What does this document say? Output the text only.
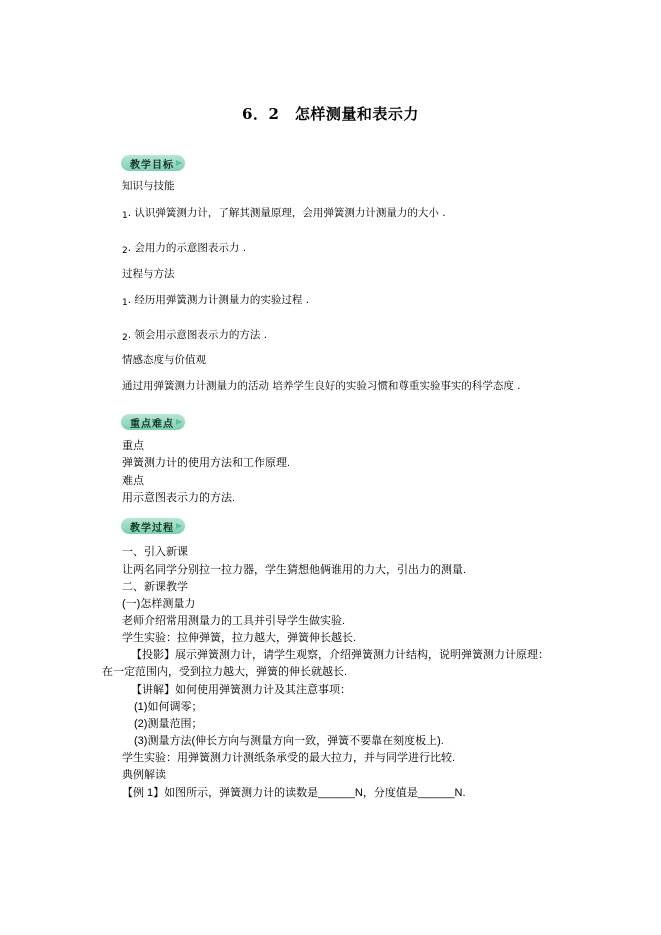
6．2　怎样测量和表示力
教学目标
知识与技能
1. 认识弹簧测力计，了解其测量原理，会用弹簧测力计测量力的大小 .
2. 会用力的示意图表示力 .
过程与方法
1. 经历用弹簧测力计测量力的实验过程 .
2. 领会用示意图表示力的方法 .
情感态度与价值观
通过用弹簧测力计测量力的活动 培养学生良好的实验习惯和尊重实验事实的科学态度 .
重点难点
重点
弹簧测力计的使用方法和工作原理.
难点
用示意图表示力的方法.
教学过程
一、引入新课
让两名同学分别拉一拉力器，学生猜想他俩谁用的力大，引出力的测量.
二、新课教学
(一)怎样测量力
老师介绍常用测量力的工具并引导学生做实验.
学生实验：拉伸弹簧，拉力越大，弹簧伸长越长.
【投影】展示弹簧测力计，请学生观察，介绍弹簧测力计结构，说明弹簧测力计原理：
在一定范围内，受到拉力越大，弹簧的伸长就越长.
【讲解】如何使用弹簧测力计及其注意事项：
(1)如何调零；
(2)测量范围；
(3)测量方法(伸长方向与测量方向一致，弹簧不要靠在刻度板上).
学生实验：用弹簧测力计测纸条承受的最大拉力，并与同学进行比较.
典例解读
【例 1】如图所示，弹簧测力计的读数是______N，分度值是______N.
